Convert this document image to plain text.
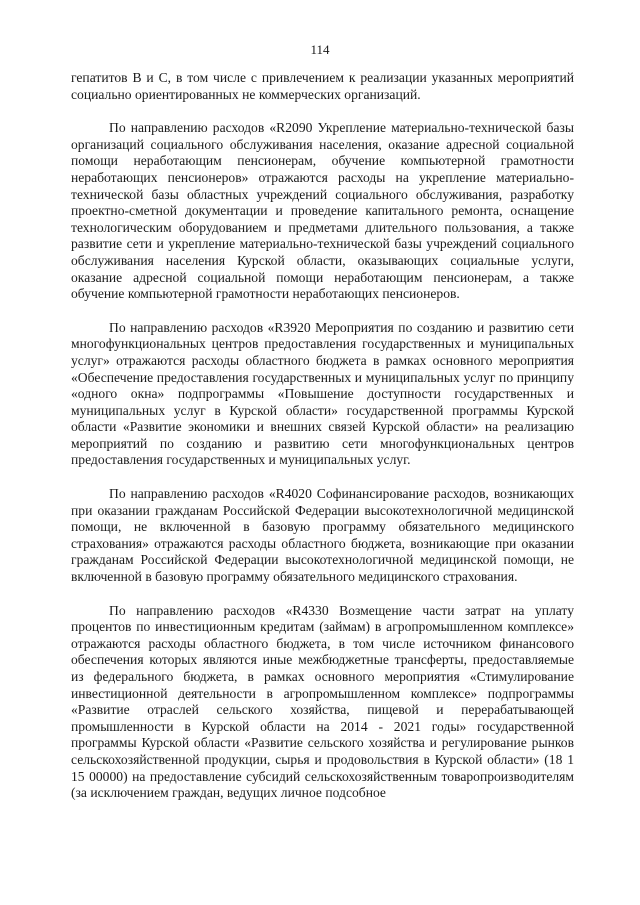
114

гепатитов В и С, в том числе с привлечением к реализации указанных мероприятий социально ориентированных не коммерческих организаций.

По направлению расходов «R2090 Укрепление материально-технической базы организаций социального обслуживания населения, оказание адресной социальной помощи неработающим пенсионерам, обучение компьютерной грамотности неработающих пенсионеров» отражаются расходы на укрепление материально-технической базы областных учреждений социального обслуживания, разработку проектно-сметной документации и проведение капитального ремонта, оснащение технологическим оборудованием и предметами длительного пользования, а также развитие сети и укрепление материально-технической базы учреждений социального обслуживания населения Курской области, оказывающих социальные услуги, оказание адресной социальной помощи неработающим пенсионерам, а также обучение компьютерной грамотности неработающих пенсионеров.

По направлению расходов «R3920 Мероприятия по созданию и развитию сети многофункциональных центров предоставления государственных и муниципальных услуг» отражаются расходы областного бюджета в рамках основного мероприятия «Обеспечение предоставления государственных и муниципальных услуг по принципу «одного окна» подпрограммы «Повышение доступности государственных и муниципальных услуг в Курской области» государственной программы Курской области «Развитие экономики и внешних связей Курской области» на реализацию мероприятий по созданию и развитию сети многофункциональных центров предоставления государственных и муниципальных услуг.

По направлению расходов «R4020 Софинансирование расходов, возникающих при оказании гражданам Российской Федерации высокотехнологичной медицинской помощи, не включенной в базовую программу обязательного медицинского страхования» отражаются расходы областного бюджета, возникающие при оказании гражданам Российской Федерации высокотехнологичной медицинской помощи, не включенной в базовую программу обязательного медицинского страхования.

По направлению расходов «R4330 Возмещение части затрат на уплату процентов по инвестиционным кредитам (займам) в агропромышленном комплексе» отражаются расходы областного бюджета, в том числе источником финансового обеспечения которых являются иные межбюджетные трансферты, предоставляемые из федерального бюджета, в рамках основного мероприятия «Стимулирование инвестиционной деятельности в агропромышленном комплексе» подпрограммы «Развитие отраслей сельского хозяйства, пищевой и перерабатывающей промышленности в Курской области на 2014 - 2021 годы» государственной программы Курской области «Развитие сельского хозяйства и регулирование рынков сельскохозяйственной продукции, сырья и продовольствия в Курской области» (18 1 15 00000) на предоставление субсидий сельскохозяйственным товаропроизводителям (за исключением граждан, ведущих личное подсобное
